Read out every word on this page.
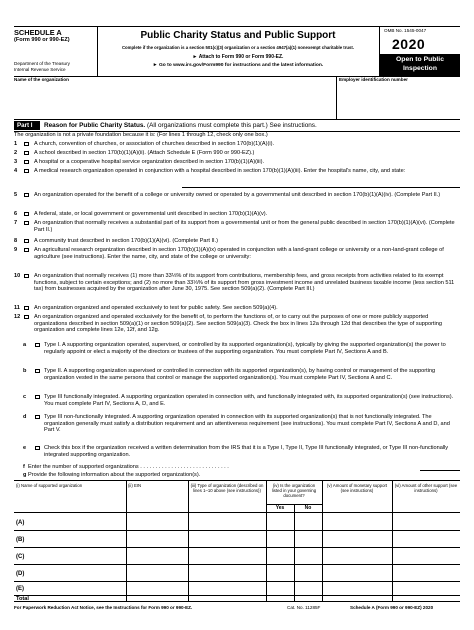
SCHEDULE A
(Form 990 or 990-EZ)
Department of the Treasury
Internal Revenue Service
Public Charity Status and Public Support
Complete if the organization is a section 501(c)(3) organization or a section 4947(a)(1) nonexempt charitable trust.
► Attach to Form 990 or Form 990-EZ.
► Go to www.irs.gov/Form990 for instructions and the latest information.
OMB No. 1545-0047
2020
Open to Public
Inspection
Name of the organization	Employer identification number
Part I Reason for Public Charity Status. (All organizations must complete this part.) See instructions.
The organization is not a private foundation because it is: (For lines 1 through 12, check only one box.)
1	A church, convention of churches, or association of churches described in section 170(b)(1)(A)(i).
2	A school described in section 170(b)(1)(A)(ii). (Attach Schedule E (Form 990 or 990-EZ).)
3	A hospital or a cooperative hospital service organization described in section 170(b)(1)(A)(iii).
4	A medical research organization operated in conjunction with a hospital described in section 170(b)(1)(A)(iii). Enter the hospital's name, city, and state:
5	An organization operated for the benefit of a college or university owned or operated by a governmental unit described in section 170(b)(1)(A)(iv). (Complete Part II.)
6	A federal, state, or local government or governmental unit described in section 170(b)(1)(A)(v).
7	An organization that normally receives a substantial part of its support from a governmental unit or from the general public described in section 170(b)(1)(A)(vi). (Complete Part II.)
8	A community trust described in section 170(b)(1)(A)(vi). (Complete Part II.)
9	An agricultural research organization described in section 170(b)(1)(A)(ix) operated in conjunction with a land-grant college or university or a non-land-grant college of agriculture (see instructions). Enter the name, city, and state of the college or university:
10	An organization that normally receives (1) more than 33⅓% of its support from contributions, membership fees, and gross receipts from activities related to its exempt functions, subject to certain exceptions; and (2) no more than 33⅓% of its support from gross investment income and unrelated business taxable income (less section 511 tax) from businesses acquired by the organization after June 30, 1975. See section 509(a)(2). (Complete Part III.)
11	An organization organized and operated exclusively to test for public safety. See section 509(a)(4).
12	An organization organized and operated exclusively for the benefit of, to perform the functions of, or to carry out the purposes of one or more publicly supported organizations described in section 509(a)(1) or section 509(a)(2). See section 509(a)(3). Check the box in lines 12a through 12d that describes the type of supporting organization and complete lines 12e, 12f, and 12g.
a	Type I. A supporting organization operated, supervised, or controlled by its supported organization(s), typically by giving the supported organization(s) the power to regularly appoint or elect a majority of the directors or trustees of the supporting organization. You must complete Part IV, Sections A and B.
b	Type II. A supporting organization supervised or controlled in connection with its supported organization(s), by having control or management of the supporting organization vested in the same persons that control or manage the supported organization(s). You must complete Part IV, Sections A and C.
c	Type III functionally integrated. A supporting organization operated in connection with, and functionally integrated with, its supported organization(s) (see instructions). You must complete Part IV, Sections A, D, and E.
d	Type III non-functionally integrated. A supporting organization operated in connection with its supported organization(s) that is not functionally integrated. The organization generally must satisfy a distribution requirement and an attentiveness requirement (see instructions). You must complete Part IV, Sections A and D, and Part V.
e	Check this box if the organization received a written determination from the IRS that it is a Type I, Type II, Type III functionally integrated, or Type III non-functionally integrated supporting organization.
f Enter the number of supported organizations . . . . . . . . . . . . . . . . . . . . . . . . . . . . .
g Provide the following information about the supported organization(s).
(i) Name of supported organization	(ii) EIN	(iii) Type of organization (described on lines 1–10 above (see instructions))
(iv) Is the organization listed in your governing document?
Yes	No
(v) Amount of monetary support (see instructions)
(vi) Amount of other support (see instructions)
(A)
(B)
(C)
(D)
(E)
Total
For Paperwork Reduction Act Notice, see the Instructions for Form 990 or 990-EZ.	Cat. No. 11285F	Schedule A (Form 990 or 990-EZ) 2020
